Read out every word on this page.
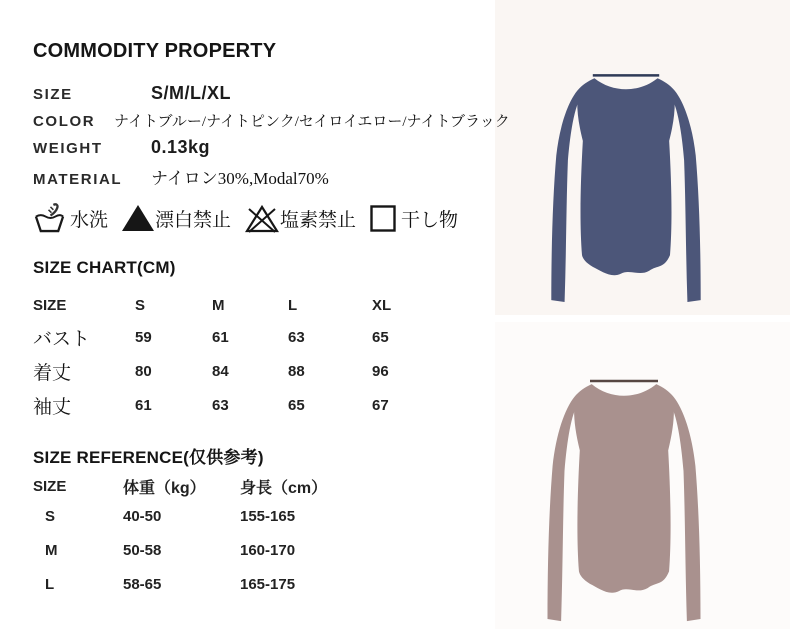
COMMODITY PROPERTY
SIZE	S/M/L/XL
COLOR	ナイトブルー/ナイトピンク/セイロイエロー/ナイトブラック
WEIGHT	0.13kg
MATERIAL	ナイロン30%,Modal70%
水洗 漂白禁止	塩素禁止 干し物
SIZE CHART(CM)
SIZE	S	M	L	XL
バスト	59	61	63	65
着丈	80	84	88	96
袖丈	61	63	65	67
SIZE REFERENCE(仅供参考)
SIZE	体重（kg）	身長（cm）
S	40-50	155-165
M	50-58	160-170
L	58-65	165-175
